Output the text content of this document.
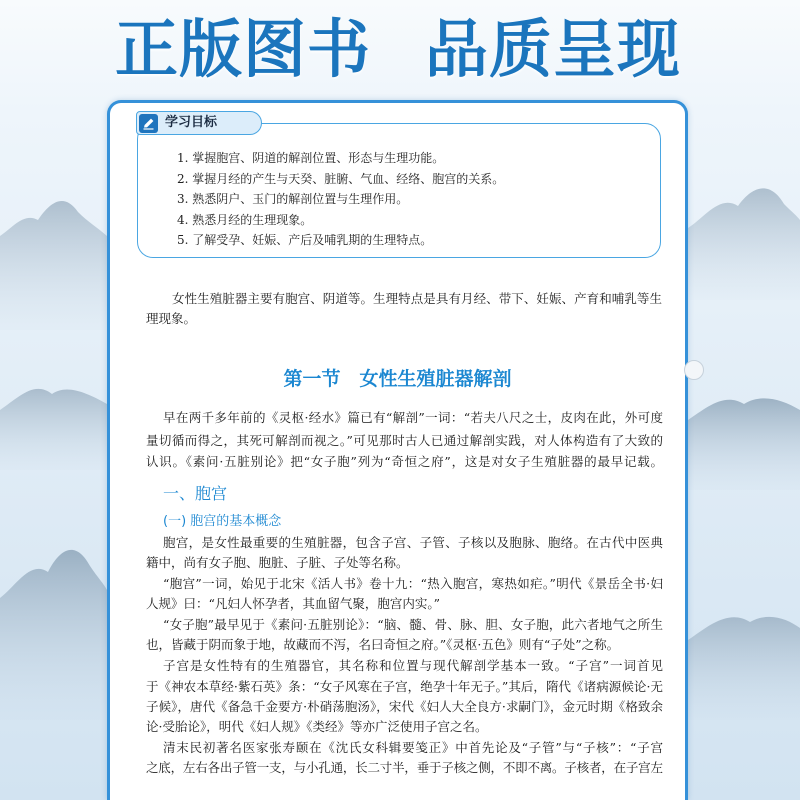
正版图书 品质呈现
学习目标
1. 掌握胞宫、阴道的解剖位置、形态与生理功能。
2. 掌握月经的产生与天癸、脏腑、气血、经络、胞宫的关系。
3. 熟悉阴户、玉门的解剖位置与生理作用。
4. 熟悉月经的生理现象。
5. 了解受孕、妊娠、产后及哺乳期的生理特点。
女性生殖脏器主要有胞宫、阴道等。生理特点是具有月经、带下、妊娠、产育和哺乳等生
理现象。
第一节　女性生殖脏器解剖
早在两千多年前的《灵枢·经水》篇已有“解剖”一词：“若夫八尺之士，皮肉在此，外可度
量切循而得之，其死可解剖而视之。”可见那时古人已通过解剖实践，对人体构造有了大致的
认识。《素问·五脏别论》把“女子胞”列为“奇恒之府”，这是对女子生殖脏器的最早记载。
一、胞宫
(一) 胞宫的基本概念
胞宫，是女性最重要的生殖脏器，包含子宫、子管、子核以及胞脉、胞络。在古代中医典
籍中，尚有女子胞、胞脏、子脏、子处等名称。
“胞宫”一词，始见于北宋《活人书》卷十九：“热入胞宫，寒热如疟。”明代《景岳全书·妇
人规》曰：“凡妇人怀孕者，其血留气聚，胞宫内实。”
“女子胞”最早见于《素问·五脏别论》：“脑、髓、骨、脉、胆、女子胞，此六者地气之所生
也，皆藏于阴而象于地，故藏而不泻，名曰奇恒之府。”《灵枢·五色》则有“子处”之称。
子宫是女性特有的生殖器官，其名称和位置与现代解剖学基本一致。“子宫”一词首见
于《神农本草经·紫石英》条：“女子风寒在子宫，绝孕十年无子。”其后，隋代《诸病源候论·无
子候》，唐代《备急千金要方·朴硝荡胞汤》，宋代《妇人大全良方·求嗣门》，金元时期《格致余
论·受胎论》，明代《妇人规》《类经》等亦广泛使用子宫之名。
清末民初著名医家张寿颐在《沈氏女科辑要笺正》中首先论及“子管”与“子核”：“子宫
之底，左右各出子管一支，与小孔通，长二寸半，垂于子核之侧，不即不离。子核者，在子宫左
